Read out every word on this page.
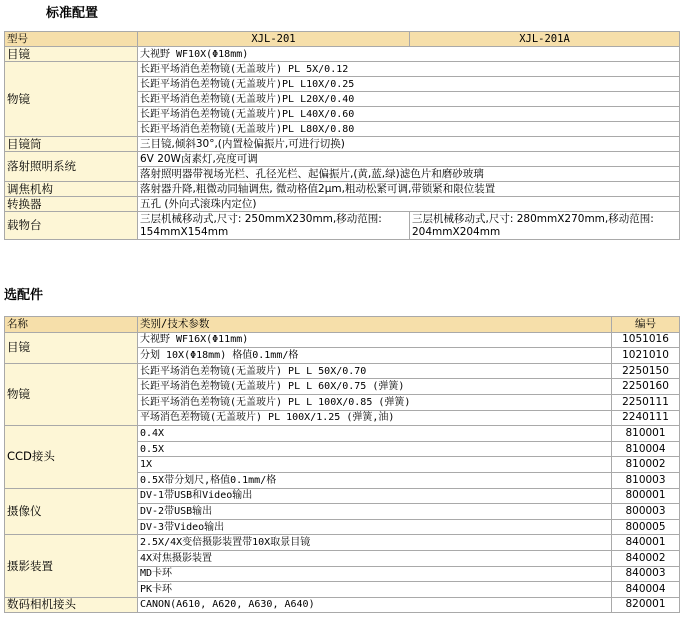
标准配置
型号	XJL-201	XJL-201A
目镜	大视野 WF10X(Φ18mm)	
物镜	长距平场消色差物镜(无盖玻片) PL 5X/0.12	
	长距平场消色差物镜(无盖玻片)PL L10X/0.25	
	长距平场消色差物镜(无盖玻片)PL L20X/0.40	
	长距平场消色差物镜(无盖玻片)PL L40X/0.60	
	长距平场消色差物镜(无盖玻片)PL L80X/0.80	
目镜筒	三目镜,倾斜30°,(内置检偏振片,可进行切换)	
落射照明系统	6V 20W卤素灯,亮度可调	
	落射照明器带视场光栏、孔径光栏、起偏振片,(黄,蓝,绿)滤色片和磨砂玻璃	
调焦机构	落射器升降,粗微动同轴调焦, 微动格值2μm,粗动松紧可调,带锁紧和限位装置	
转换器	五孔 (外向式滚珠内定位)	
载物台	三层机械移动式,尺寸: 250mmX230mm,移动范围: 154mmX154mm	三层机械移动式,尺寸: 280mmX270mm,移动范围: 204mmX204mm
选配件
名称	类别/技术参数	编号
目镜	大视野 WF16X(Φ11mm)	1051016
	分划 10X(Φ18mm) 格值0.1mm/格	1021010
物镜	长距平场消色差物镜(无盖玻片) PL L 50X/0.70	2250150
	长距平场消色差物镜(无盖玻片) PL L 60X/0.75 (弹簧)	2250160
	长距平场消色差物镜(无盖玻片) PL L 100X/0.85 (弹簧)	2250111
	平场消色差物镜(无盖玻片) PL 100X/1.25 (弹簧,油)	2240111
CCD接头	0.4X	810001
	0.5X	810004
	1X	810002
	0.5X带分划尺,格值0.1mm/格	810003
摄像仪	DV-1带USB和Video输出	800001
	DV-2带USB输出	800003
	DV-3带Video输出	800005
摄影装置	2.5X/4X变倍摄影装置带10X取景目镜	840001
	4X对焦摄影装置	840002
	MD卡环	840003
	PK卡环	840004
数码相机接头	CANON(A610, A620, A630, A640)	820001
